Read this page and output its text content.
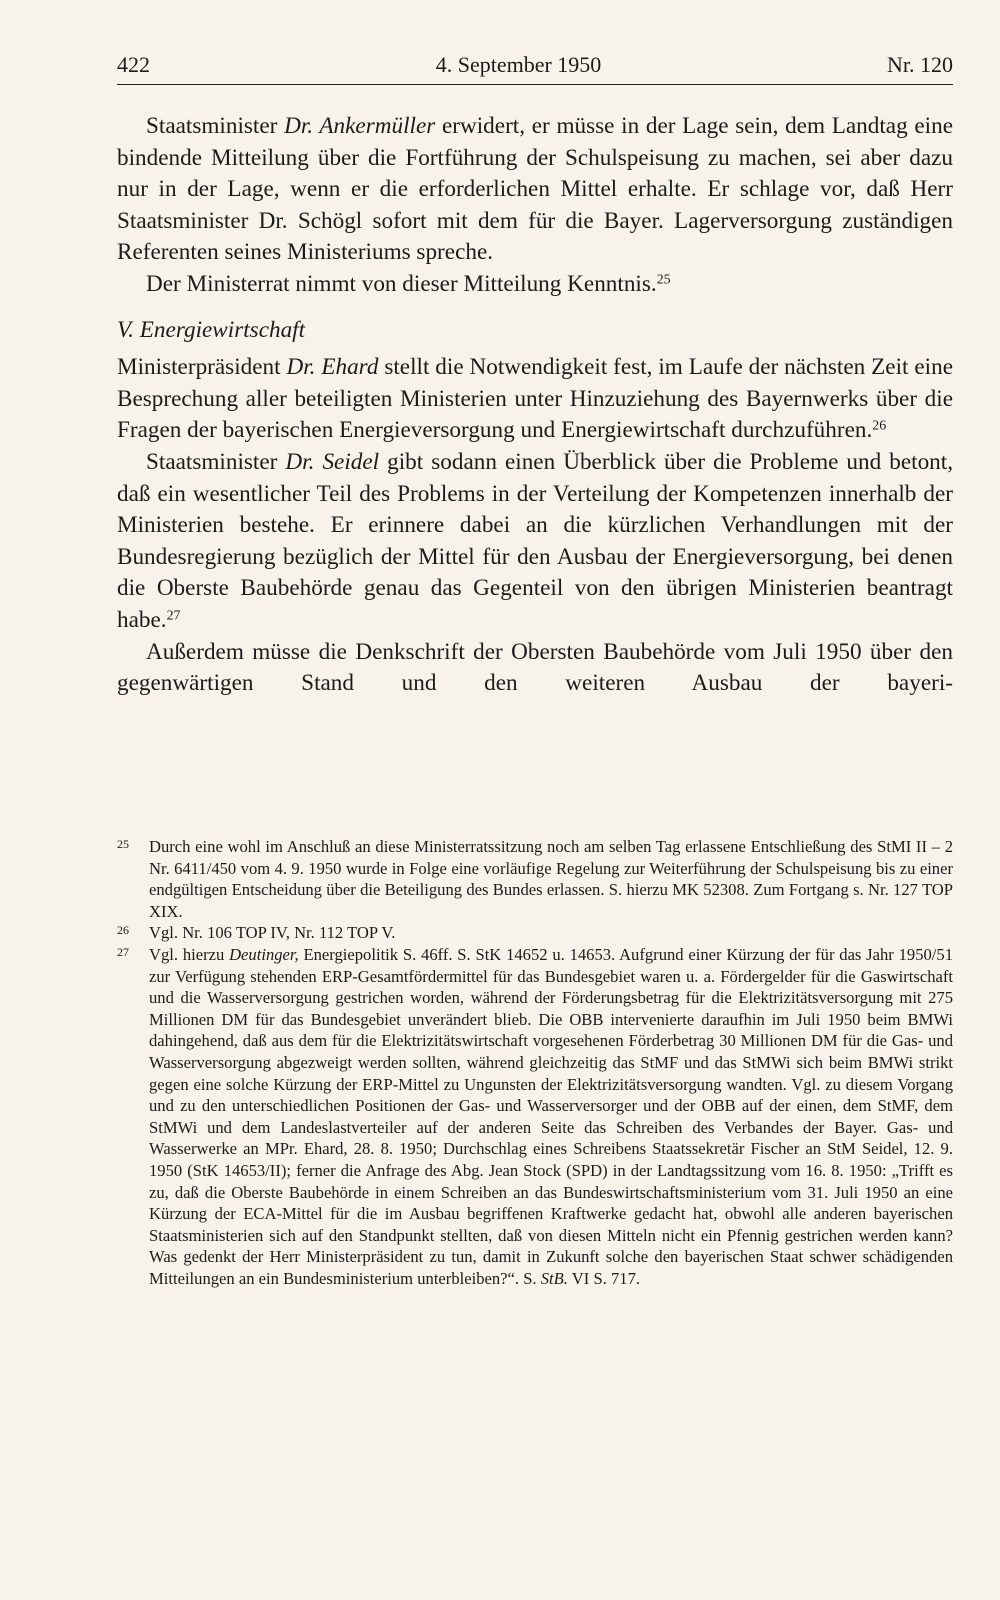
422	4. September 1950	Nr. 120

Staatsminister Dr. Ankermüller erwidert, er müsse in der Lage sein, dem Landtag eine bindende Mitteilung über die Fortführung der Schulspeisung zu machen, sei aber dazu nur in der Lage, wenn er die erforderlichen Mittel erhalte. Er schlage vor, daß Herr Staatsminister Dr. Schögl sofort mit dem für die Bayer. Lagerversorgung zuständigen Referenten seines Ministeriums spreche.

Der Ministerrat nimmt von dieser Mitteilung Kenntnis.$^{25}$

V. Energiewirtschaft

Ministerpräsident Dr. Ehard stellt die Notwendigkeit fest, im Laufe der nächsten Zeit eine Besprechung aller beteiligten Ministerien unter Hinzuziehung des Bayernwerks über die Fragen der bayerischen Energieversorgung und Energiewirtschaft durchzuführen.$^{26}$

Staatsminister Dr. Seidel gibt sodann einen Überblick über die Probleme und betont, daß ein wesentlicher Teil des Problems in der Verteilung der Kompetenzen innerhalb der Ministerien bestehe. Er erinnere dabei an die kürzlichen Verhandlungen mit der Bundesregierung bezüglich der Mittel für den Ausbau der Energieversorgung, bei denen die Oberste Baubehörde genau das Gegenteil von den übrigen Ministerien beantragt habe.$^{27}$

Außerdem müsse die Denkschrift der Obersten Baubehörde vom Juli 1950 über den gegenwärtigen Stand und den weiteren Ausbau der bayeri-

25	Durch eine wohl im Anschluß an diese Ministerratssitzung noch am selben Tag erlassene Entschließung des StMI II – 2 Nr. 6411/450 vom 4. 9. 1950 wurde in Folge eine vorläufige Regelung zur Weiterführung der Schulspeisung bis zu einer endgültigen Entscheidung über die Beteiligung des Bundes erlassen. S. hierzu MK 52308. Zum Fortgang s. Nr. 127 TOP XIX.
26	Vgl. Nr. 106 TOP IV, Nr. 112 TOP V.
27	Vgl. hierzu Deutinger, Energiepolitik S. 46ff. S. StK 14652 u. 14653. Aufgrund einer Kürzung der für das Jahr 1950/51 zur Verfügung stehenden ERP-Gesamtfördermittel für das Bundesgebiet waren u. a. Fördergelder für die Gaswirtschaft und die Wasserversorgung gestrichen worden, während der Förderungsbetrag für die Elektrizitätsversorgung mit 275 Millionen DM für das Bundesgebiet unverändert blieb. Die OBB intervenierte daraufhin im Juli 1950 beim BMWi dahingehend, daß aus dem für die Elektrizitätswirtschaft vorgesehenen Förderbetrag 30 Millionen DM für die Gas- und Wasserversorgung abgezweigt werden sollten, während gleichzeitig das StMF und das StMWi sich beim BMWi strikt gegen eine solche Kürzung der ERP-Mittel zu Ungunsten der Elektrizitätsversorgung wandten. Vgl. zu diesem Vorgang und zu den unterschiedlichen Positionen der Gas- und Wasserversorger und der OBB auf der einen, dem StMF, dem StMWi und dem Landeslastverteiler auf der anderen Seite das Schreiben des Verbandes der Bayer. Gas- und Wasserwerke an MPr. Ehard, 28. 8. 1950; Durchschlag eines Schreibens Staatssekretär Fischer an StM Seidel, 12. 9. 1950 (StK 14653/II); ferner die Anfrage des Abg. Jean Stock (SPD) in der Landtagssitzung vom 16. 8. 1950: „Trifft es zu, daß die Oberste Baubehörde in einem Schreiben an das Bundeswirtschaftsministerium vom 31. Juli 1950 an eine Kürzung der ECA-Mittel für die im Ausbau begriffenen Kraftwerke gedacht hat, obwohl alle anderen bayerischen Staatsministerien sich auf den Standpunkt stellten, daß von diesen Mitteln nicht ein Pfennig gestrichen werden kann? Was gedenkt der Herr Ministerpräsident zu tun, damit in Zukunft solche den bayerischen Staat schwer schädigenden Mitteilungen an ein Bundesministerium unterbleiben?“. S. StB. VI S. 717.
